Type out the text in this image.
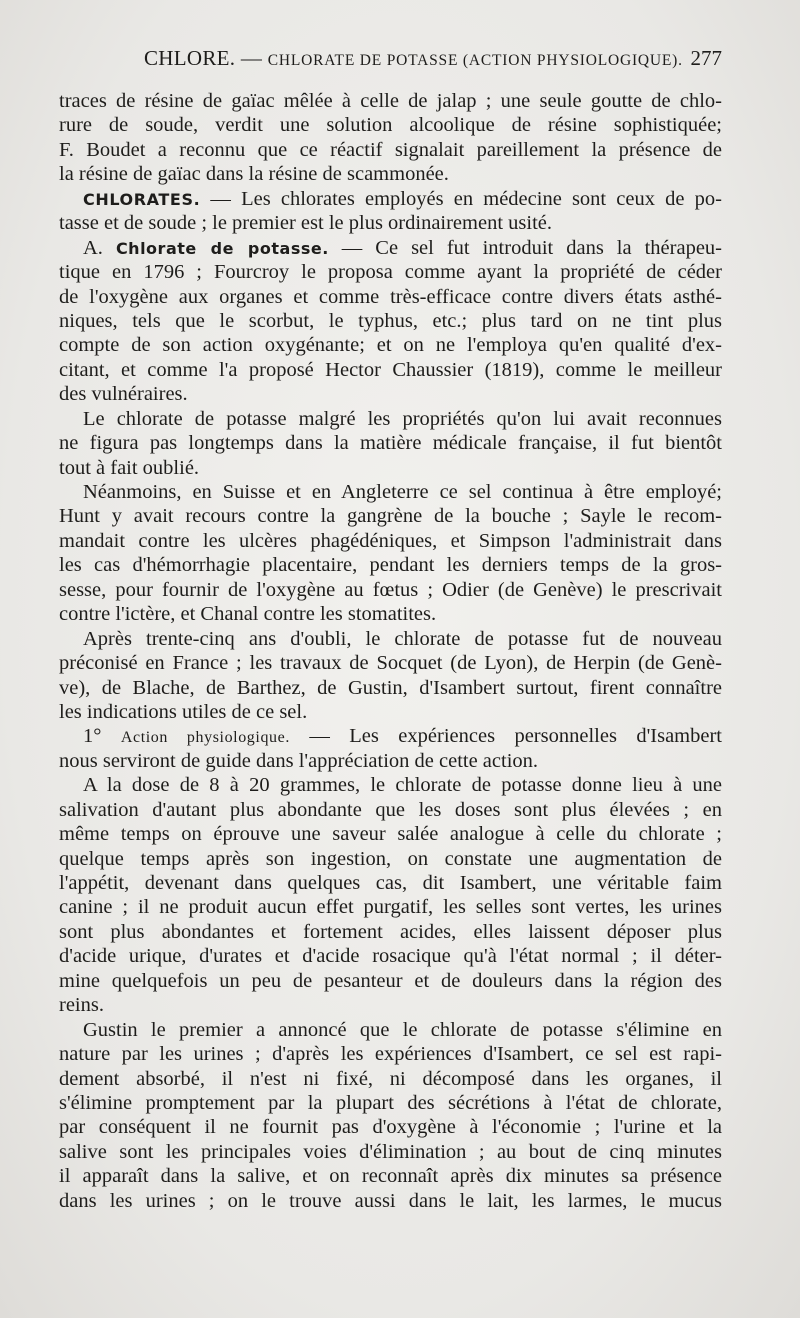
CHLORE. — CHLORATE DE POTASSE (ACTION PHYSIOLOGIQUE). 277
traces de résine de gaïac mêlée à celle de jalap ; une seule goutte de chlo-
rure de soude, verdit une solution alcoolique de résine sophistiquée;
F. Boudet a reconnu que ce réactif signalait pareillement la présence de
la résine de gaïac dans la résine de scammonée.
CHLORATES. — Les chlorates employés en médecine sont ceux de po-
tasse et de soude ; le premier est le plus ordinairement usité.
A. Chlorate de potasse. — Ce sel fut introduit dans la thérapeu-
tique en 1796 ; Fourcroy le proposa comme ayant la propriété de céder
de l'oxygène aux organes et comme très-efficace contre divers états asthé-
niques, tels que le scorbut, le typhus, etc.; plus tard on ne tint plus
compte de son action oxygénante; et on ne l'employa qu'en qualité d'ex-
citant, et comme l'a proposé Hector Chaussier (1819), comme le meilleur
des vulnéraires.
Le chlorate de potasse malgré les propriétés qu'on lui avait reconnues
ne figura pas longtemps dans la matière médicale française, il fut bientôt
tout à fait oublié.
Néanmoins, en Suisse et en Angleterre ce sel continua à être employé;
Hunt y avait recours contre la gangrène de la bouche ; Sayle le recom-
mandait contre les ulcères phagédéniques, et Simpson l'administrait dans
les cas d'hémorrhagie placentaire, pendant les derniers temps de la gros-
sesse, pour fournir de l'oxygène au fœtus ; Odier (de Genève) le prescrivait
contre l'ictère, et Chanal contre les stomatites.
Après trente-cinq ans d'oubli, le chlorate de potasse fut de nouveau
préconisé en France ; les travaux de Socquet (de Lyon), de Herpin (de Genè-
ve), de Blache, de Barthez, de Gustin, d'Isambert surtout, firent connaître
les indications utiles de ce sel.
1° Action physiologique. — Les expériences personnelles d'Isambert
nous serviront de guide dans l'appréciation de cette action.
A la dose de 8 à 20 grammes, le chlorate de potasse donne lieu à une
salivation d'autant plus abondante que les doses sont plus élevées ; en
même temps on éprouve une saveur salée analogue à celle du chlorate ;
quelque temps après son ingestion, on constate une augmentation de
l'appétit, devenant dans quelques cas, dit Isambert, une véritable faim
canine ; il ne produit aucun effet purgatif, les selles sont vertes, les urines
sont plus abondantes et fortement acides, elles laissent déposer plus
d'acide urique, d'urates et d'acide rosacique qu'à l'état normal ; il déter-
mine quelquefois un peu de pesanteur et de douleurs dans la région des
reins.
Gustin le premier a annoncé que le chlorate de potasse s'élimine en
nature par les urines ; d'après les expériences d'Isambert, ce sel est rapi-
dement absorbé, il n'est ni fixé, ni décomposé dans les organes, il
s'élimine promptement par la plupart des sécrétions à l'état de chlorate,
par conséquent il ne fournit pas d'oxygène à l'économie ; l'urine et la
salive sont les principales voies d'élimination ; au bout de cinq minutes
il apparaît dans la salive, et on reconnaît après dix minutes sa présence
dans les urines ; on le trouve aussi dans le lait, les larmes, le mucus
